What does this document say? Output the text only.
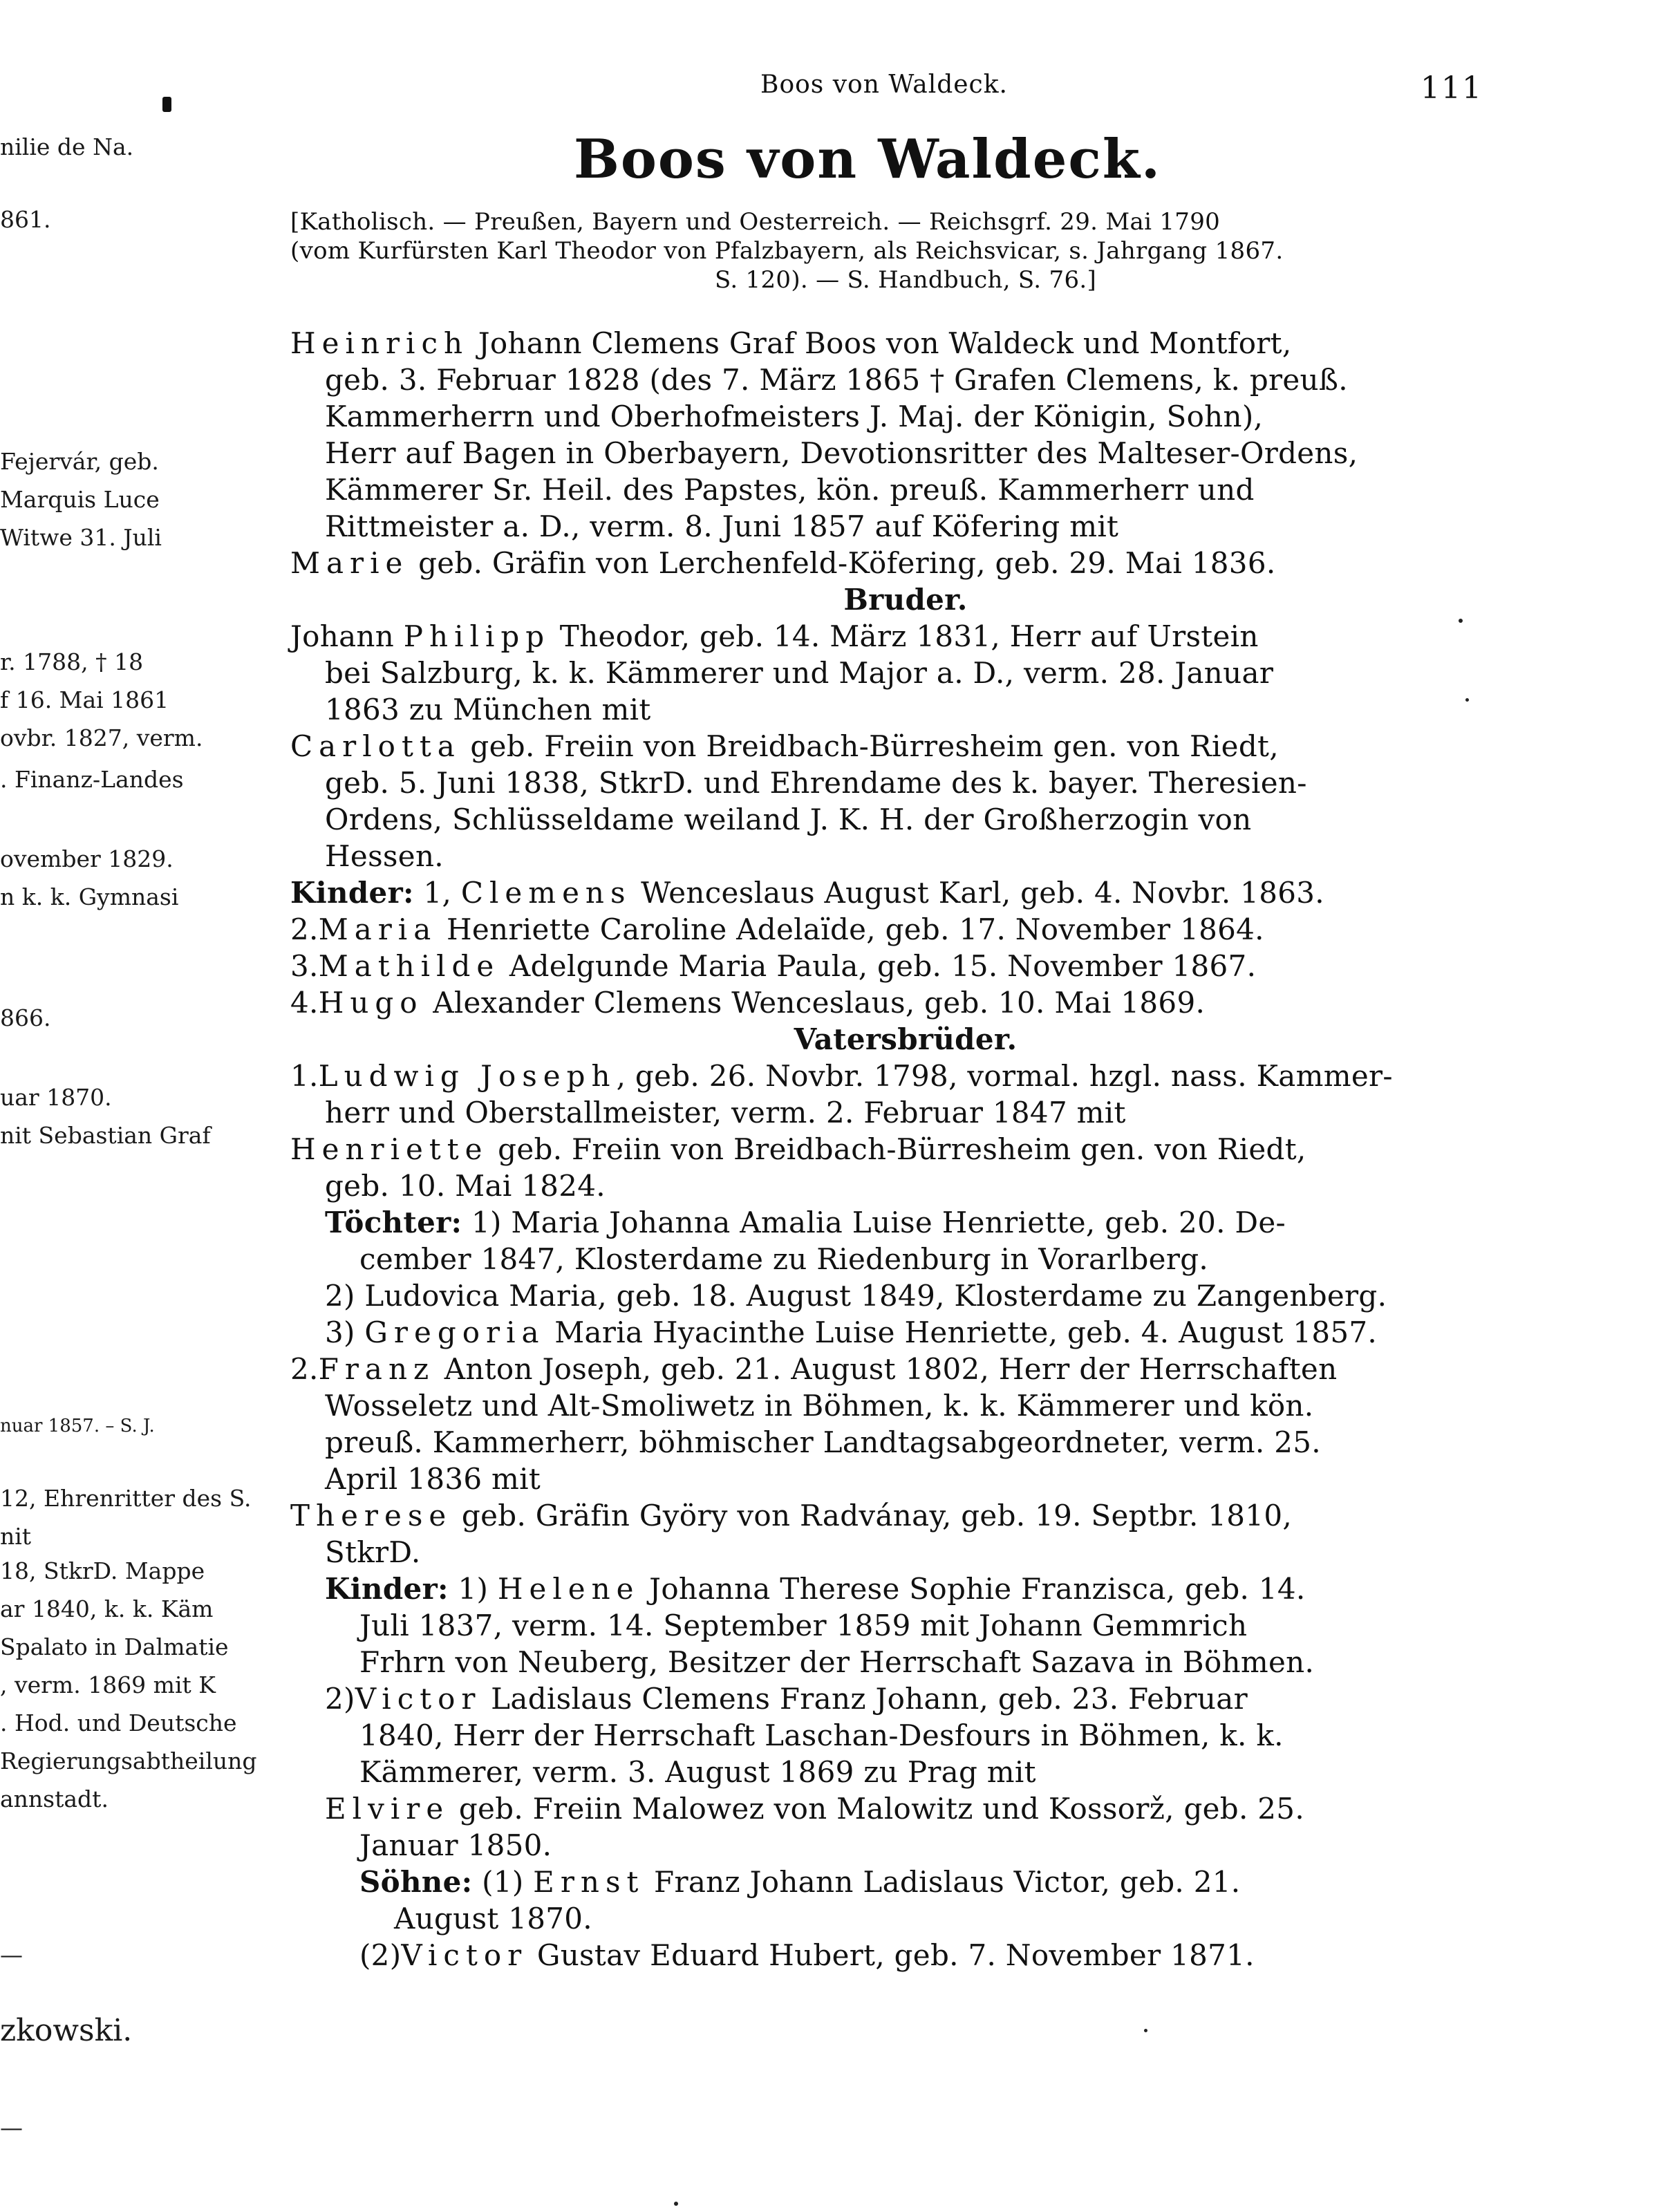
nilie de Na.
861.
Fejervár, geb.
Marquis Luce
Witwe 31. Juli
r. 1788, † 18
f 16. Mai 1861
ovbr. 1827, verm.
. Finanz-Landes
ovember 1829.
n k. k. Gymnasi
866.
uar 1870.
nit Sebastian Graf
nuar 1857. – S. J.
12, Ehrenritter des S.
nit
18, StkrD. Mappe
ar 1840, k. k. Käm
Spalato in Dalmatie
, verm. 1869 mit K
. Hod. und Deutsche
Regierungsabtheilung
annstadt.
—
zkowski.
—
Boos von Waldeck.	111
Boos von Waldeck.
[Katholisch. — Preußen, Bayern und Oesterreich. — Reichsgrf. 29. Mai 1790
(vom Kurfürsten Karl Theodor von Pfalzbayern, als Reichsvicar, s. Jahrgang 1867.
S. 120). — S. Handbuch, S. 76.]
Heinrich Johann Clemens Graf Boos von Waldeck und Montfort,
geb. 3. Februar 1828 (des 7. März 1865 † Grafen Clemens, k. preuß.
Kammerherrn und Oberhofmeisters J. Maj. der Königin, Sohn),
Herr auf Bagen in Oberbayern, Devotionsritter des Malteser-Ordens,
Kämmerer Sr. Heil. des Papstes, kön. preuß. Kammerherr und
Rittmeister a. D., verm. 8. Juni 1857 auf Köfering mit
Marie geb. Gräfin von Lerchenfeld-Köfering, geb. 29. Mai 1836.
Bruder.
Johann Philipp Theodor, geb. 14. März 1831, Herr auf Urstein
bei Salzburg, k. k. Kämmerer und Major a. D., verm. 28. Januar
1863 zu München mit
Carlotta geb. Freiin von Breidbach-Bürresheim gen. von Riedt,
geb. 5. Juni 1838, StkrD. und Ehrendame des k. bayer. Theresien-
Ordens, Schlüsseldame weiland J. K. H. der Großherzogin von
Hessen.
Kinder: 1, Clemens Wenceslaus August Karl, geb. 4. Novbr. 1863.
2.Maria Henriette Caroline Adelaïde, geb. 17. November 1864.
3.Mathilde Adelgunde Maria Paula, geb. 15. November 1867.
4.Hugo Alexander Clemens Wenceslaus, geb. 10. Mai 1869.
Vatersbrüder.
1.Ludwig Joseph, geb. 26. Novbr. 1798, vormal. hzgl. nass. Kammer-
herr und Oberstallmeister, verm. 2. Februar 1847 mit
Henriette geb. Freiin von Breidbach-Bürresheim gen. von Riedt,
geb. 10. Mai 1824.
Töchter: 1) Maria Johanna Amalia Luise Henriette, geb. 20. De-
cember 1847, Klosterdame zu Riedenburg in Vorarlberg.
2) Ludovica Maria, geb. 18. August 1849, Klosterdame zu Zangenberg.
3) Gregoria Maria Hyacinthe Luise Henriette, geb. 4. August 1857.
2.Franz Anton Joseph, geb. 21. August 1802, Herr der Herrschaften
Wosseletz und Alt-Smoliwetz in Böhmen, k. k. Kämmerer und kön.
preuß. Kammerherr, böhmischer Landtagsabgeordneter, verm. 25.
April 1836 mit
Therese geb. Gräfin Györy von Radvánay, geb. 19. Septbr. 1810,
StkrD.
Kinder: 1) Helene Johanna Therese Sophie Franzisca, geb. 14.
Juli 1837, verm. 14. September 1859 mit Johann Gemmrich
Frhrn von Neuberg, Besitzer der Herrschaft Sazava in Böhmen.
2)Victor Ladislaus Clemens Franz Johann, geb. 23. Februar
1840, Herr der Herrschaft Laschan-Desfours in Böhmen, k. k.
Kämmerer, verm. 3. August 1869 zu Prag mit
Elvire geb. Freiin Malowez von Malowitz und Kossorž, geb. 25.
Januar 1850.
Söhne: (1) Ernst Franz Johann Ladislaus Victor, geb. 21.
August 1870.
(2)Victor Gustav Eduard Hubert, geb. 7. November 1871.
